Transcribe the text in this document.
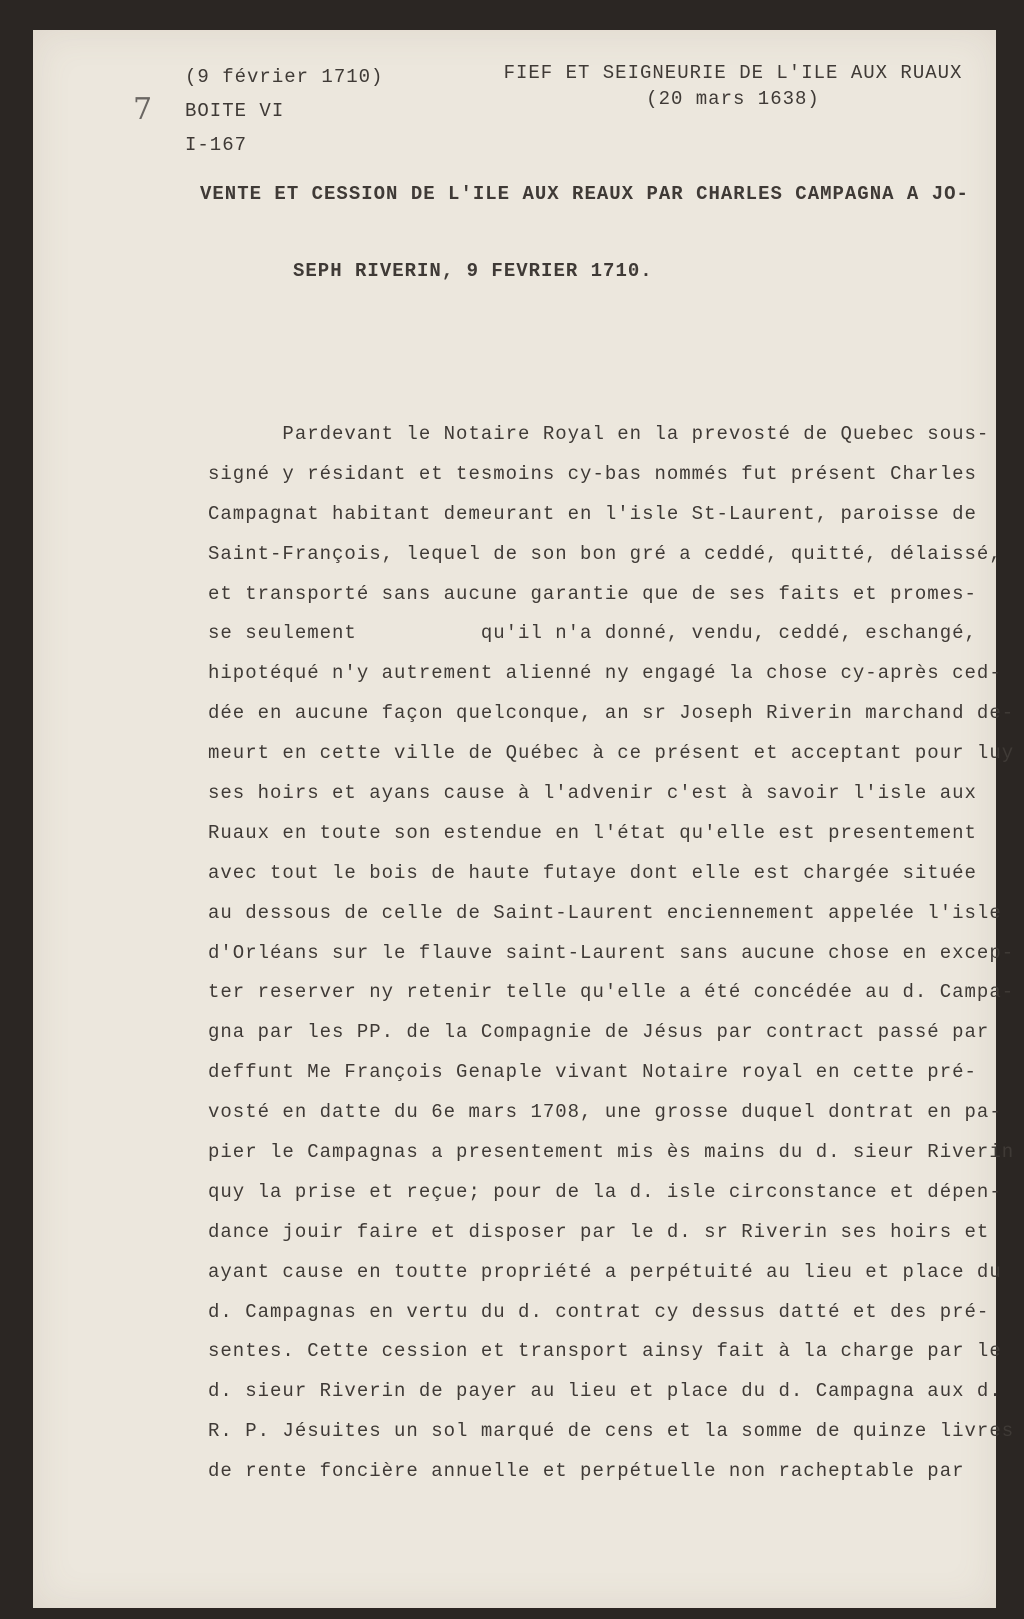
7
(9 février 1710)
BOITE VI
I-167
FIEF ET SEIGNEURIE DE L'ILE AUX RUAUX
(20 mars 1638)
VENTE ET CESSION DE L'ILE AUX REAUX PAR CHARLES CAMPAGNA A JO-
SEPH RIVERIN, 9 FEVRIER 1710.
Pardevant le Notaire Royal en la prevosté de Quebec sous-
signé y résidant et tesmoins cy-bas nommés fut présent Charles
Campagnat habitant demeurant en l'isle St-Laurent, paroisse de
Saint-François, lequel de son bon gré a ceddé, quitté, délaissé,
et transporté sans aucune garantie que de ses faits et promes-
se seulement          qu'il n'a donné, vendu, ceddé, eschangé,
hipotéqué n'y autrement alienné ny engagé la chose cy-après ced-
dée en aucune façon quelconque, an sr Joseph Riverin marchand de-
meurt en cette ville de Québec à ce présent et acceptant pour luy
ses hoirs et ayans cause à l'advenir c'est à savoir l'isle aux
Ruaux en toute son estendue en l'état qu'elle est presentement
avec tout le bois de haute futaye dont elle est chargée située
au dessous de celle de Saint-Laurent enciennement appelée l'isle
d'Orléans sur le flauve saint-Laurent sans aucune chose en excep-
ter reserver ny retenir telle qu'elle a été concédée au d. Campa-
gna par les PP. de la Compagnie de Jésus par contract passé par
deffunt Me François Genaple vivant Notaire royal en cette pré-
vosté en datte du 6e mars 1708, une grosse duquel dontrat en pa-
pier le Campagnas a presentement mis ès mains du d. sieur Riverin
quy la prise et reçue; pour de la d. isle circonstance et dépen-
dance jouir faire et disposer par le d. sr Riverin ses hoirs et
ayant cause en toutte propriété a perpétuité au lieu et place du
d. Campagnas en vertu du d. contrat cy dessus datté et des pré-
sentes. Cette cession et transport ainsy fait à la charge par le
d. sieur Riverin de payer au lieu et place du d. Campagna aux d.
R. P. Jésuites un sol marqué de cens et la somme de quinze livres
de rente foncière annuelle et perpétuelle non racheptable par
